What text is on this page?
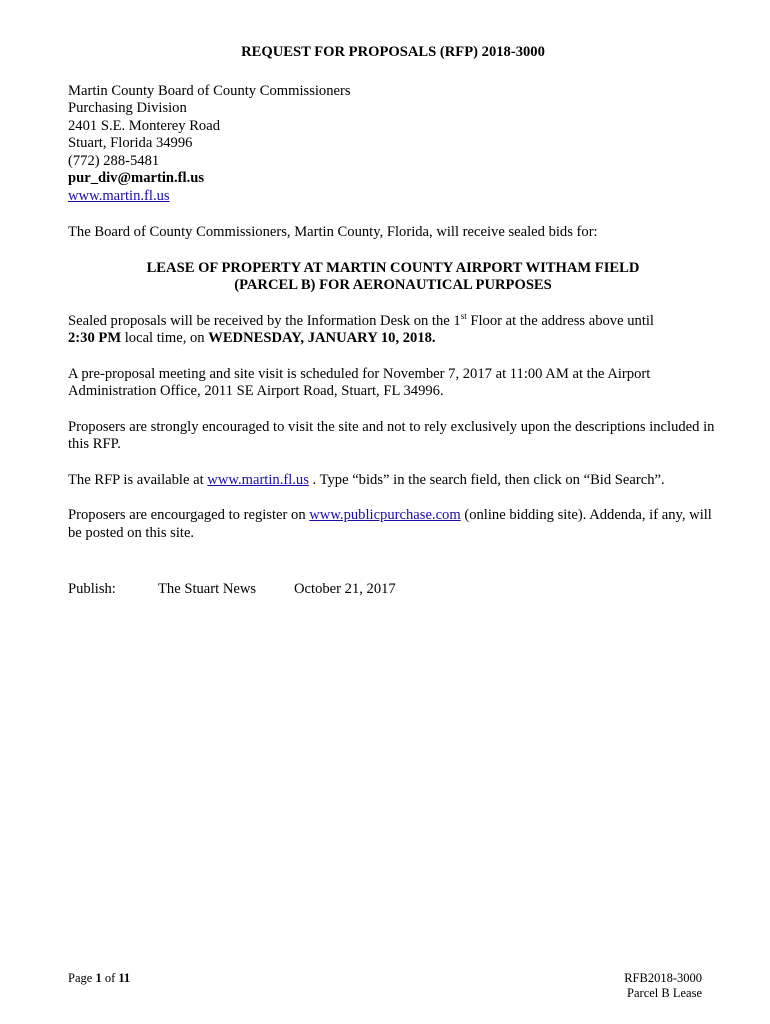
REQUEST FOR PROPOSALS (RFP) 2018-3000
Martin County Board of County Commissioners
Purchasing Division
2401 S.E. Monterey Road
Stuart, Florida 34996
(772) 288-5481
pur_div@martin.fl.us
www.martin.fl.us

The Board of County Commissioners, Martin County, Florida, will receive sealed bids for:

LEASE OF PROPERTY AT MARTIN COUNTY AIRPORT WITHAM FIELD
(PARCEL B) FOR AERONAUTICAL PURPOSES

Sealed proposals will be received by the Information Desk on the 1st Floor at the address above until
2:30 PM local time, on WEDNESDAY, JANUARY 10, 2018.

A pre-proposal meeting and site visit is scheduled for November 7, 2017 at 11:00 AM at the Airport Administration Office, 2011 SE Airport Road, Stuart, FL 34996.

Proposers are strongly encouraged to visit the site and not to rely exclusively upon the descriptions included in this RFP.

The RFP is available at www.martin.fl.us . Type “bids” in the search field, then click on “Bid Search”.

Proposers are encourgaged to register on www.publicpurchase.com (online bidding site). Addenda, if any, will be posted on this site.

Publish:	The Stuart News	October 21, 2017
Page 1 of 11	RFB2018-3000
Parcel B Lease
